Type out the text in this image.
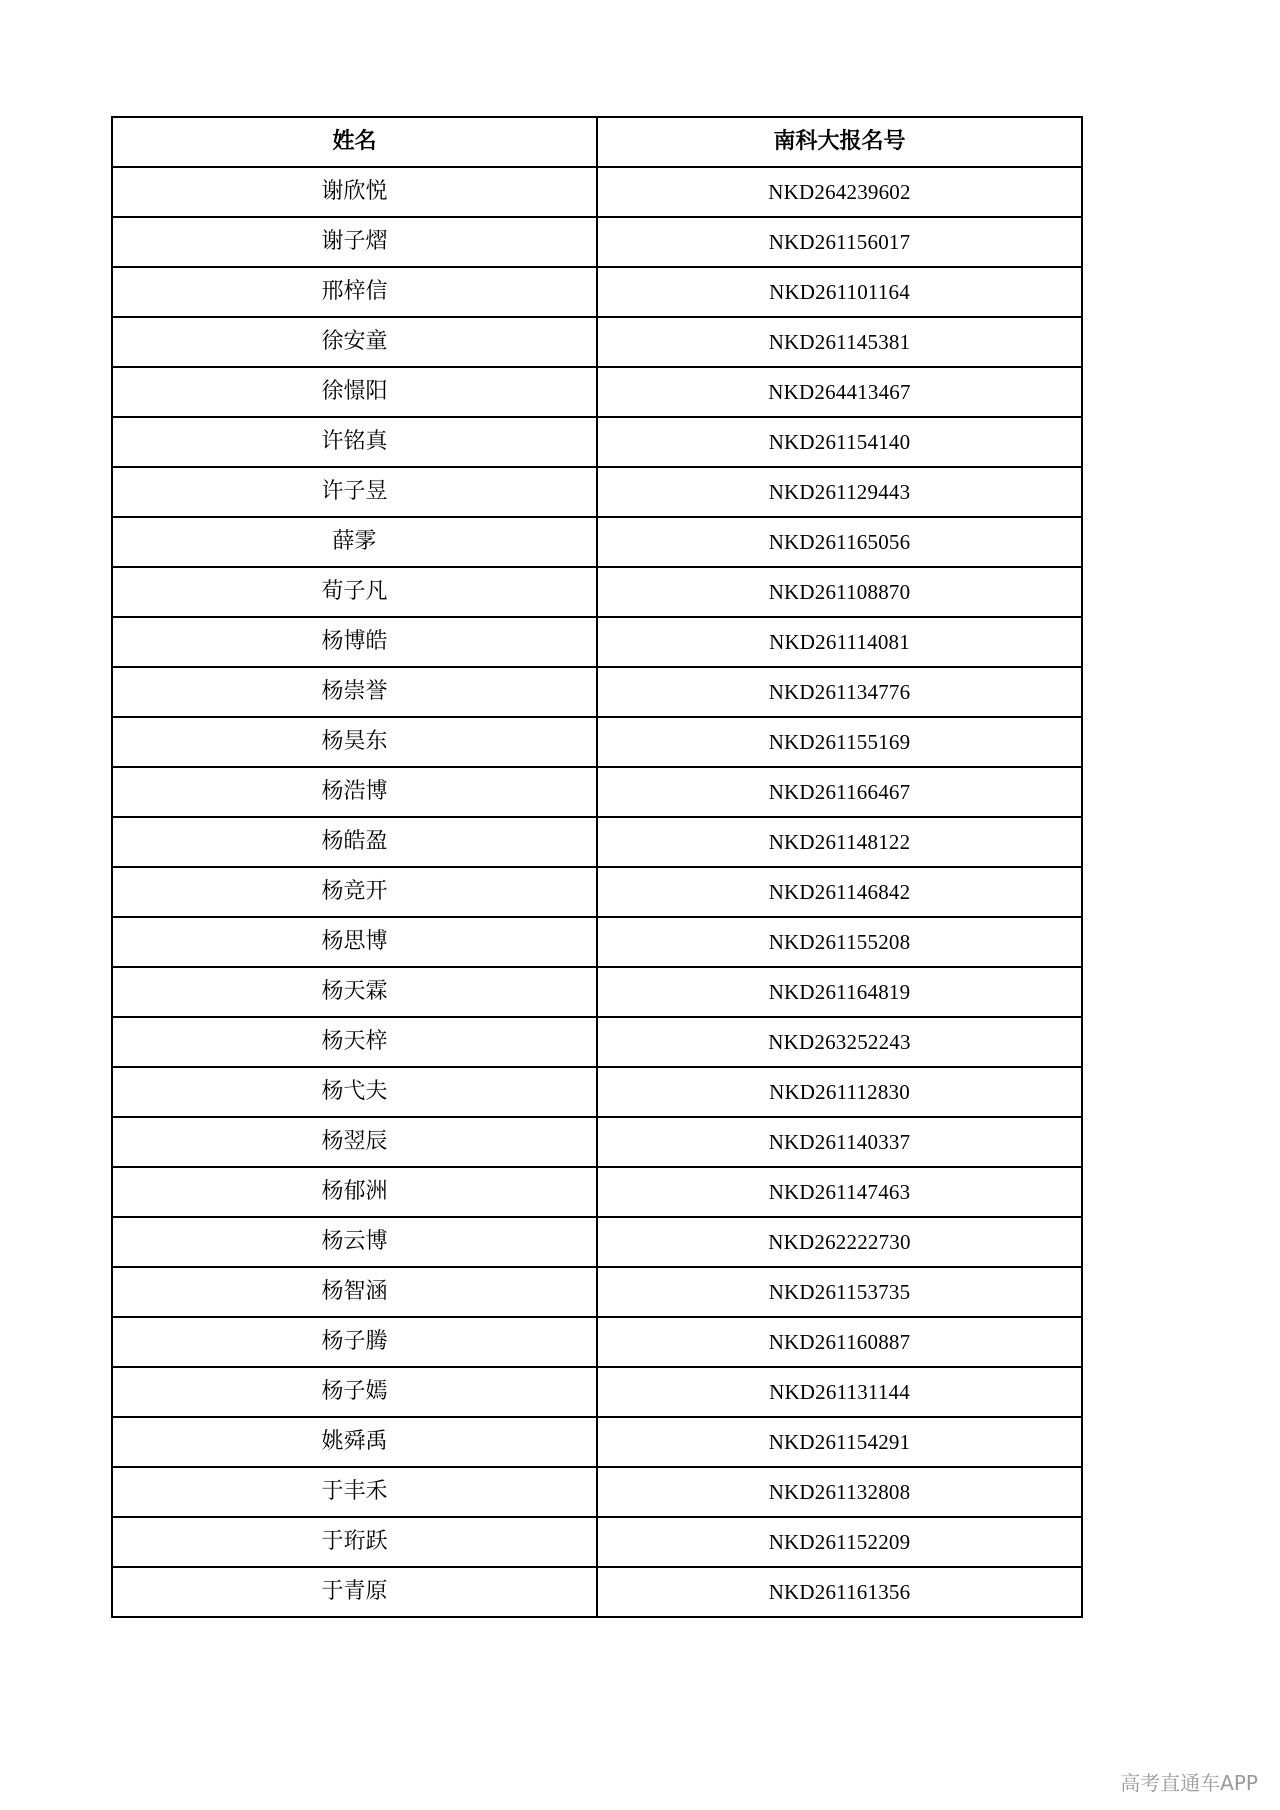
姓名	南科大报名号
谢欣悦	NKD264239602
谢子熠	NKD261156017
邢梓信	NKD261101164
徐安童	NKD261145381
徐憬阳	NKD264413467
许铭真	NKD261154140
许子昱	NKD261129443
薛雺	NKD261165056
荀子凡	NKD261108870
杨博皓	NKD261114081
杨崇誉	NKD261134776
杨昊东	NKD261155169
杨浩博	NKD261166467
杨皓盈	NKD261148122
杨竞开	NKD261146842
杨思博	NKD261155208
杨天霖	NKD261164819
杨天梓	NKD263252243
杨弋夫	NKD261112830
杨翌辰	NKD261140337
杨郁洲	NKD261147463
杨云博	NKD262222730
杨智涵	NKD261153735
杨子腾	NKD261160887
杨子嫣	NKD261131144
姚舜禹	NKD261154291
于丰禾	NKD261132808
于珩跃	NKD261152209
于青原	NKD261161356
高考直通车APP
